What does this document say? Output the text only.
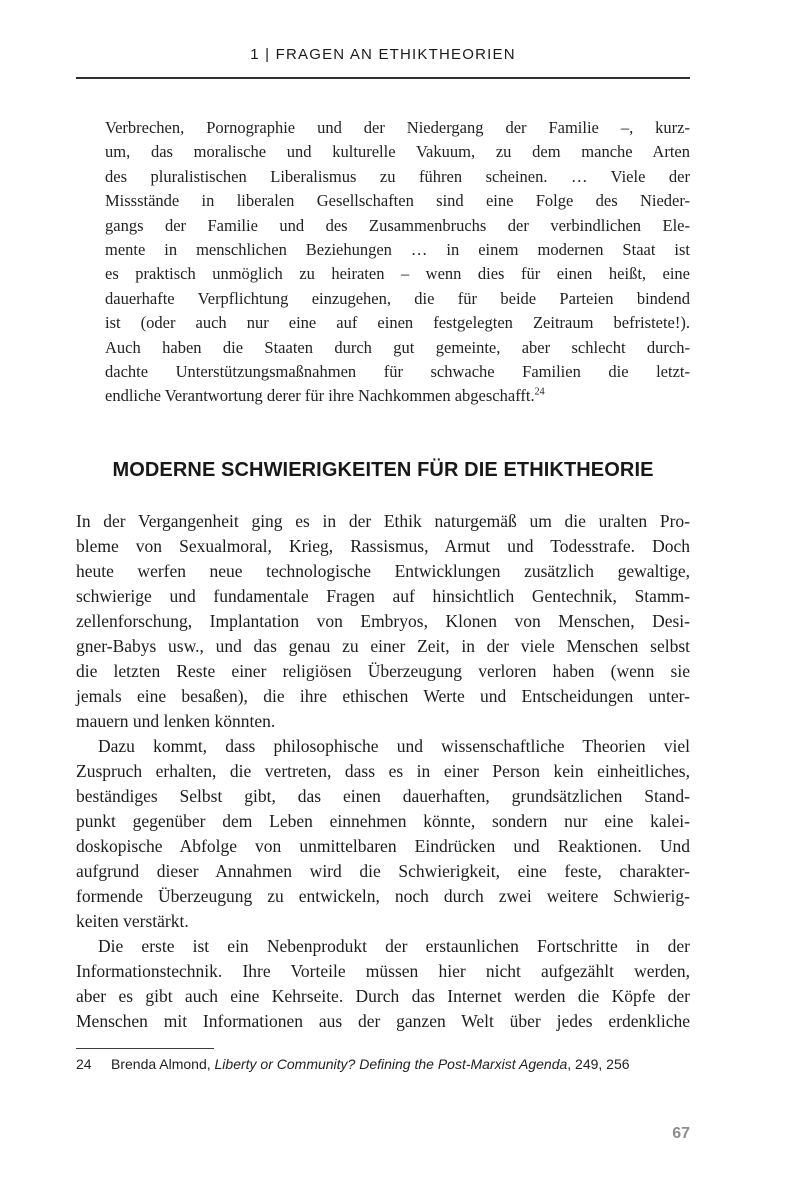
1 | FRAGEN AN ETHIKTHEORIEN
Verbrechen, Pornographie und der Niedergang der Familie –, kurz-
um, das moralische und kulturelle Vakuum, zu dem manche Arten
des pluralistischen Liberalismus zu führen scheinen. … Viele der
Missstände in liberalen Gesellschaften sind eine Folge des Nieder-
gangs der Familie und des Zusammenbruchs der verbindlichen Ele-
mente in menschlichen Beziehungen … in einem modernen Staat ist
es praktisch unmöglich zu heiraten – wenn dies für einen heißt, eine
dauerhafte Verpflichtung einzugehen, die für beide Parteien bindend
ist (oder auch nur eine auf einen festgelegten Zeitraum befristete!).
Auch haben die Staaten durch gut gemeinte, aber schlecht durch-
dachte Unterstützungsmaßnahmen für schwache Familien die letzt-
endliche Verantwortung derer für ihre Nachkommen abgeschafft.$^{24}$
MODERNE SCHWIERIGKEITEN FÜR DIE ETHIKTHEORIE
In der Vergangenheit ging es in der Ethik naturgemäß um die uralten Pro-
bleme von Sexualmoral, Krieg, Rassismus, Armut und Todesstrafe. Doch
heute werfen neue technologische Entwicklungen zusätzlich gewaltige,
schwierige und fundamentale Fragen auf hinsichtlich Gentechnik, Stamm-
zellenforschung, Implantation von Embryos, Klonen von Menschen, Desi-
gner-Babys usw., und das genau zu einer Zeit, in der viele Menschen selbst
die letzten Reste einer religiösen Überzeugung verloren haben (wenn sie
jemals eine besaßen), die ihre ethischen Werte und Entscheidungen unter-
mauern und lenken könnten.
Dazu kommt, dass philosophische und wissenschaftliche Theorien viel
Zuspruch erhalten, die vertreten, dass es in einer Person kein einheitliches,
beständiges Selbst gibt, das einen dauerhaften, grundsätzlichen Stand-
punkt gegenüber dem Leben einnehmen könnte, sondern nur eine kalei-
doskopische Abfolge von unmittelbaren Eindrücken und Reaktionen. Und
aufgrund dieser Annahmen wird die Schwierigkeit, eine feste, charakter-
formende Überzeugung zu entwickeln, noch durch zwei weitere Schwierig-
keiten verstärkt.
Die erste ist ein Nebenprodukt der erstaunlichen Fortschritte in der
Informationstechnik. Ihre Vorteile müssen hier nicht aufgezählt werden,
aber es gibt auch eine Kehrseite. Durch das Internet werden die Köpfe der
Menschen mit Informationen aus der ganzen Welt über jedes erdenkliche
24	Brenda Almond, Liberty or Community? Defining the Post-Marxist Agenda, 249, 256
67
